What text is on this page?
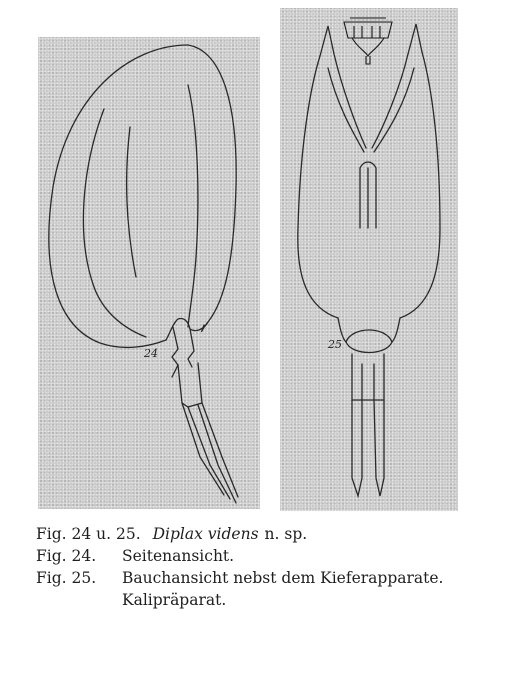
24
25
Fig. 24 u. 25. Diplax videns n. sp.
Fig. 24.	Seitenansicht.
Fig. 25.	Bauchansicht nebst dem Kieferapparate.
Kalipräparat.
